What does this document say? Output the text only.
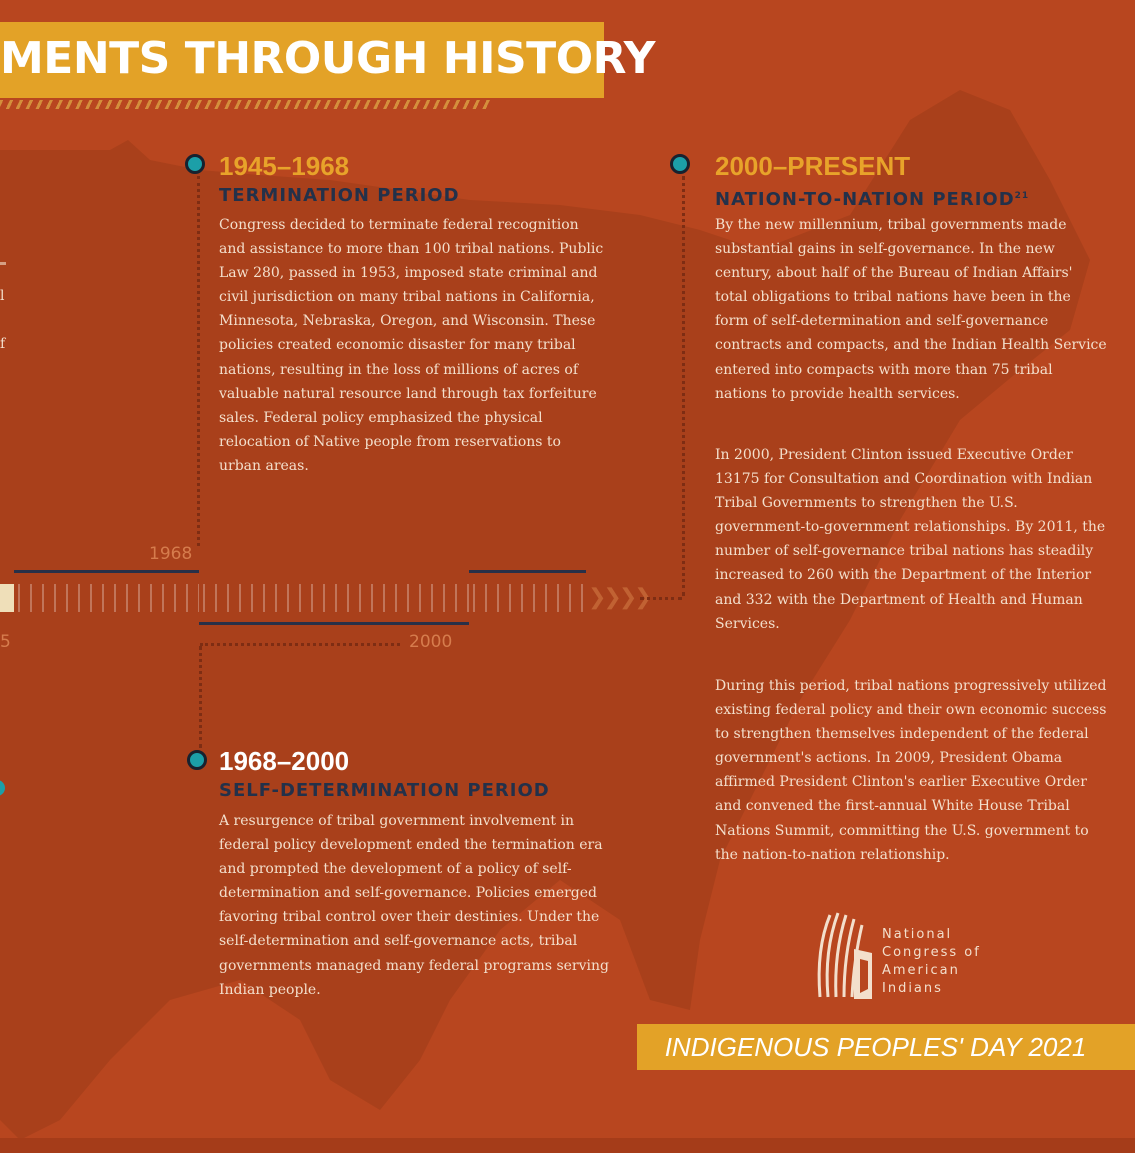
MENTS THROUGH HISTORY
l
f
1945–1968
TERMINATION PERIOD

Congress decided to terminate federal recognition and assistance to more than 100 tribal nations. Public Law 280, passed in 1953, imposed state criminal and civil jurisdiction on many tribal nations in California, Minnesota, Nebraska, Oregon, and Wisconsin. These policies created economic disaster for many tribal nations, resulting in the loss of millions of acres of valuable natural resource land through tax forfeiture sales. Federal policy emphasized the physical relocation of Native people from reservations to urban areas.

1968
❯❯❯❯
5	2000
1968–2000
SELF-DETERMINATION PERIOD

A resurgence of tribal government involvement in federal policy development ended the termination era and prompted the development of a policy of self-determination and self-governance. Policies emerged favoring tribal control over their destinies. Under the self-determination and self-governance acts, tribal governments managed many federal programs serving Indian people.

2000–PRESENT
NATION-TO-NATION PERIOD$^{21}$

By the new millennium, tribal governments made substantial gains in self-governance. In the new century, about half of the Bureau of Indian Affairs' total obligations to tribal nations have been in the form of self-determination and self-governance contracts and compacts, and the Indian Health Service entered into compacts with more than 75 tribal nations to provide health services.

In 2000, President Clinton issued Executive Order 13175 for Consultation and Coordination with Indian Tribal Governments to strengthen the U.S. government-to-government relationships. By 2011, the number of self-governance tribal nations has steadily increased to 260 with the Department of the Interior and 332 with the Department of Health and Human Services.

During this period, tribal nations progressively utilized existing federal policy and their own economic success to strengthen themselves independent of the federal government's actions. In 2009, President Obama affirmed President Clinton's earlier Executive Order and convened the first-annual White House Tribal Nations Summit, committing the U.S. government to the nation-to-nation relationship.

National
Congress of
American
Indians
INDIGENOUS PEOPLES' DAY 2021
